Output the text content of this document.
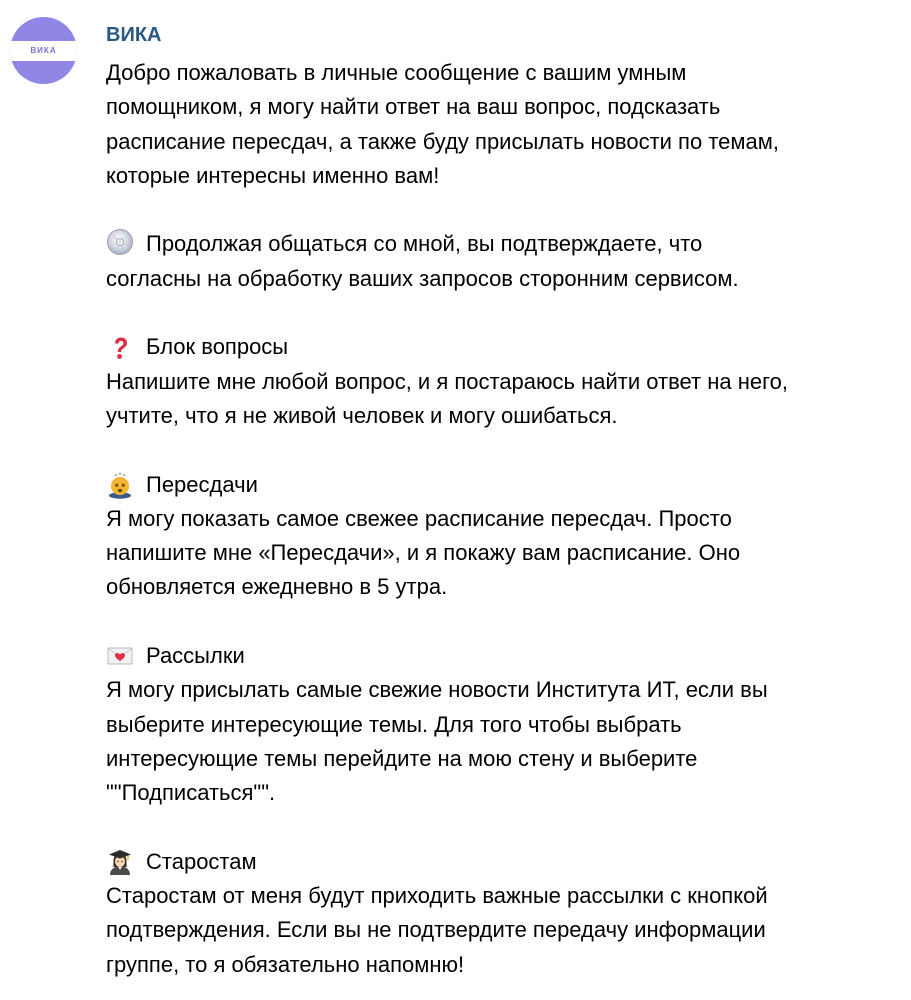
ВИКА
ВИКА

Добро пожаловать в личные сообщение с вашим умным

помощником, я могу найти ответ на ваш вопрос, подсказать

расписание пересдач, а также буду присылать новости по темам,

которые интересны именно вам!

Продолжая общаться со мной, вы подтверждаете, что

согласны на обработку ваших запросов сторонним сервисом.

Блок вопросы

Напишите мне любой вопрос, и я постараюсь найти ответ на него,

учтите, что я не живой человек и могу ошибаться.

Пересдачи

Я могу показать самое свежее расписание пересдач. Просто

напишите мне «Пересдачи», и я покажу вам расписание. Оно

обновляется ежедневно в 5 утра.

Рассылки

Я могу присылать самые свежие новости Института ИТ, если вы

выберите интересующие темы. Для того чтобы выбрать

интересующие темы перейдите на мою стену и выберите

""Подписаться"".

Старостам

Старостам от меня будут приходить важные рассылки с кнопкой

подтверждения. Если вы не подтвердите передачу информации

группе, то я обязательно напомню!
